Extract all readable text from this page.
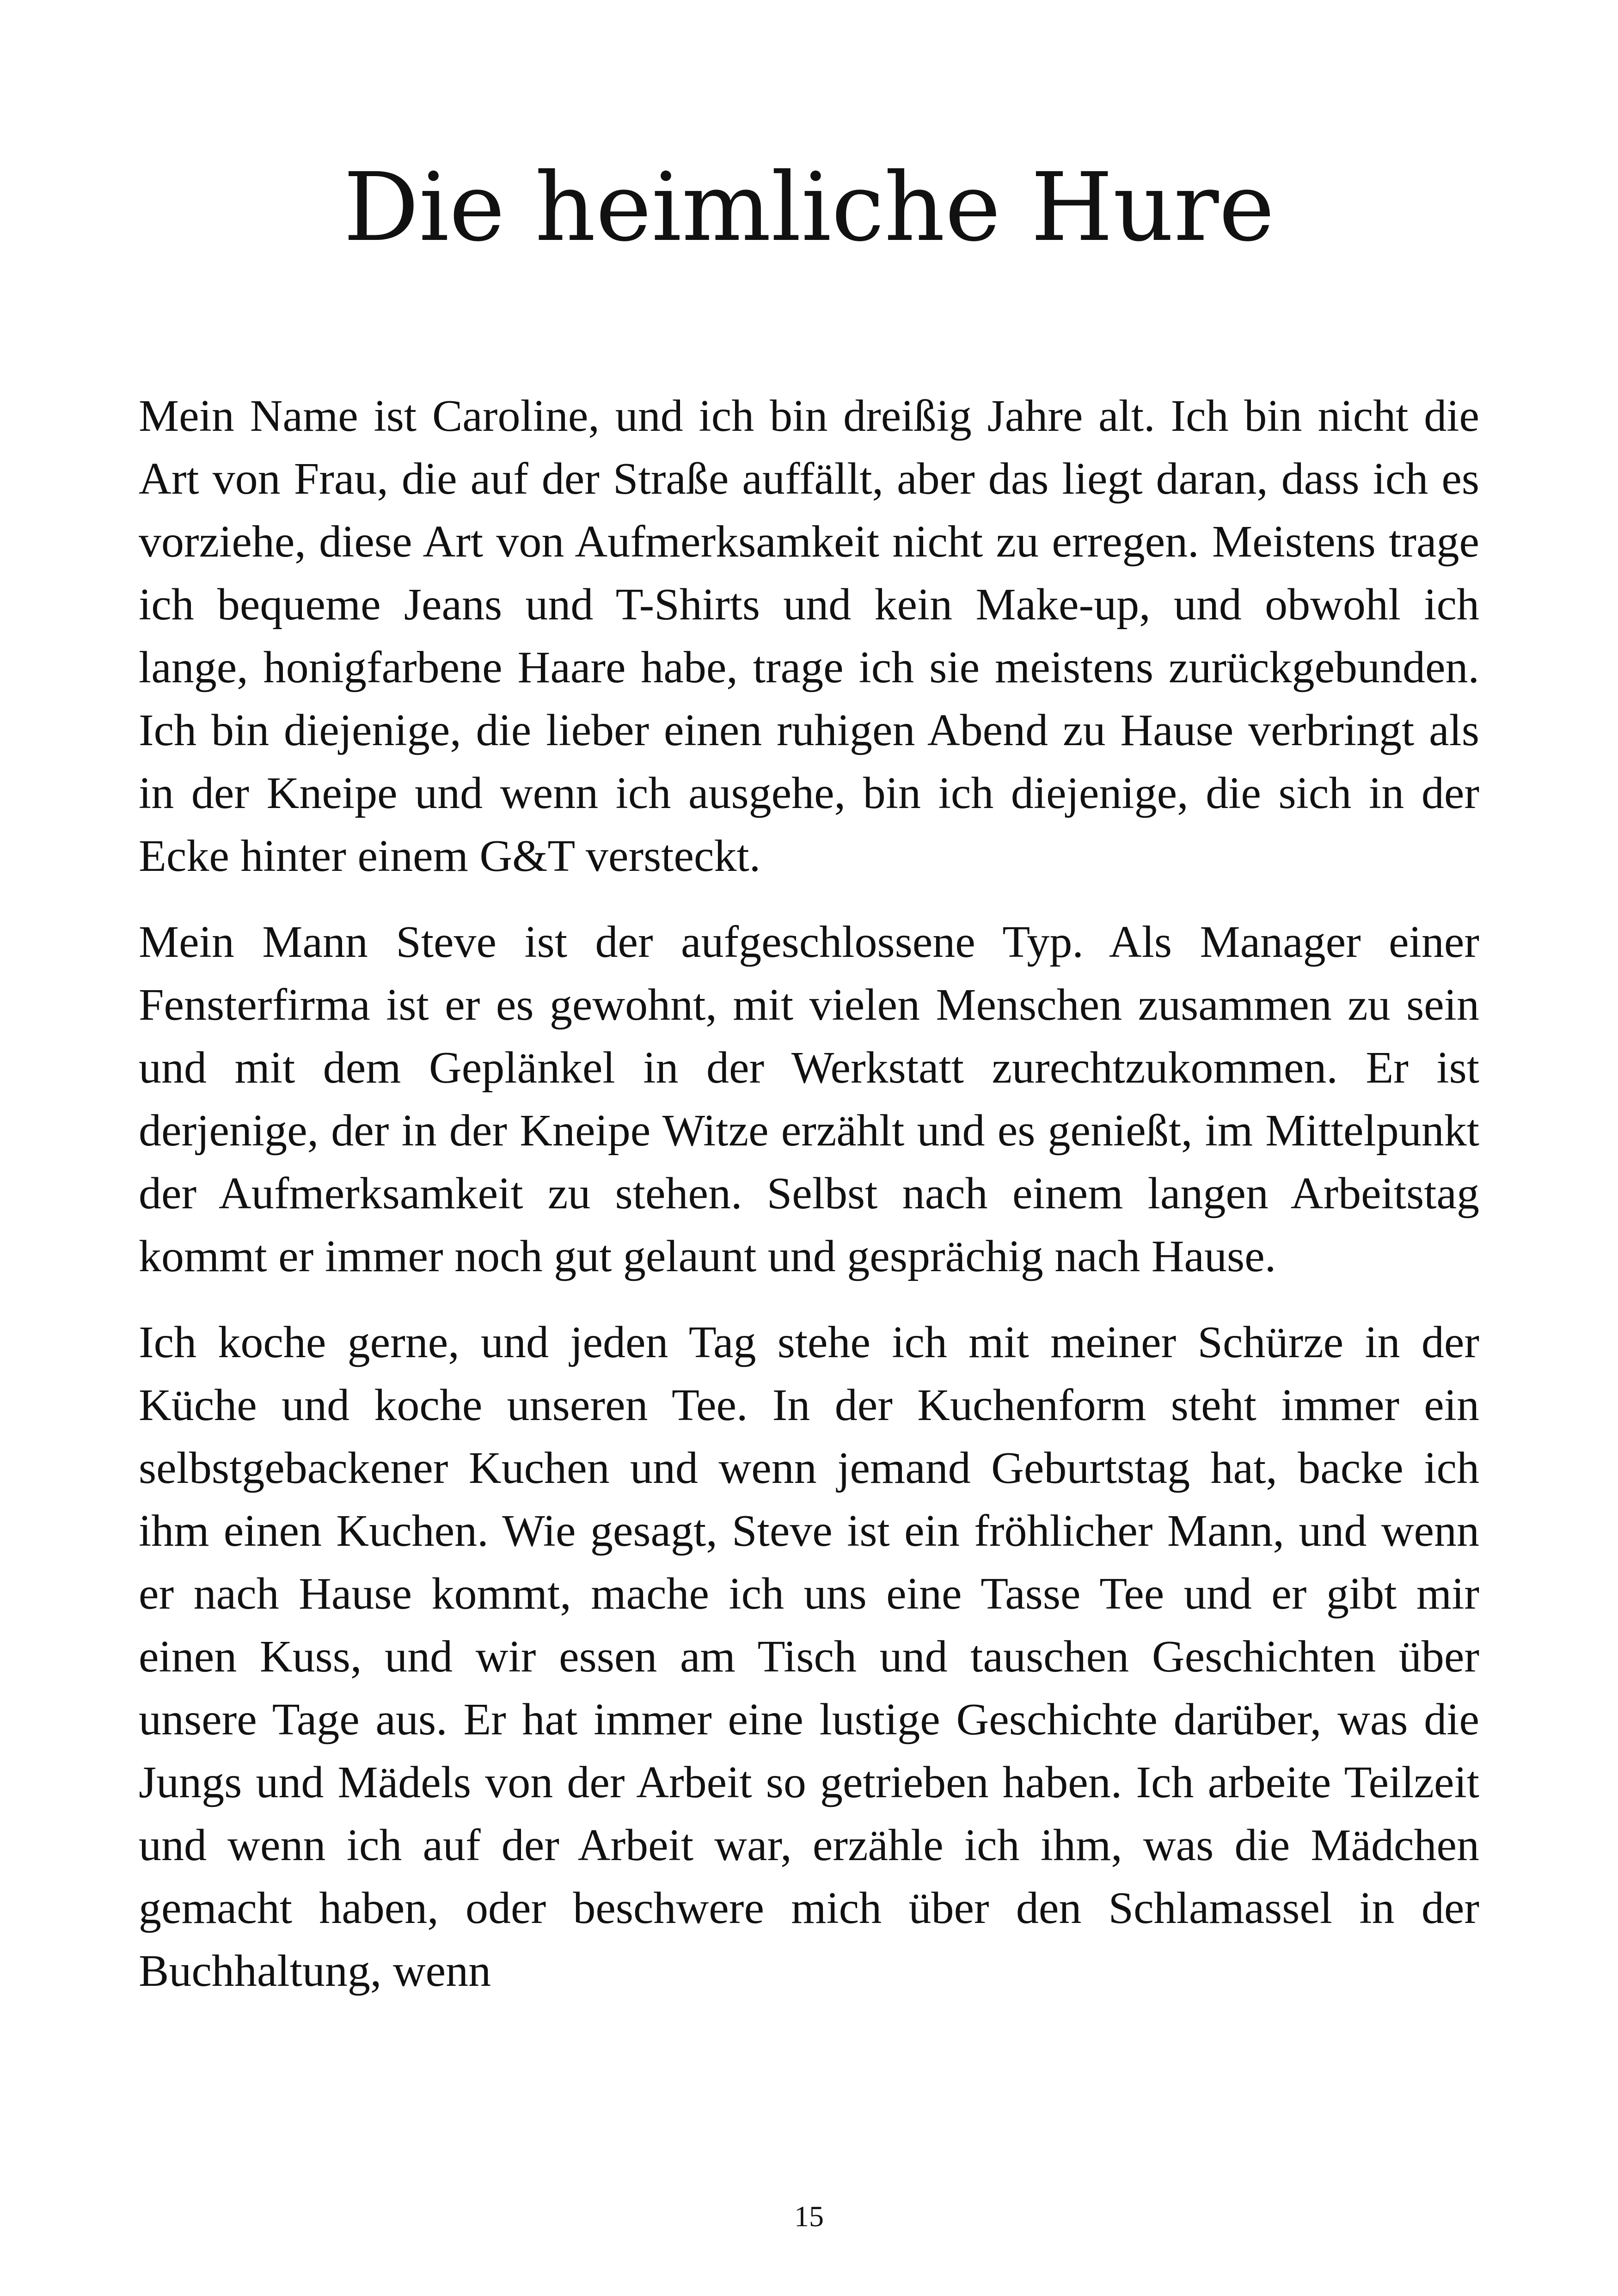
Die heimliche Hure

Mein Name ist Caroline, und ich bin dreißig Jahre alt. Ich bin nicht die Art von Frau, die auf der Straße auffällt, aber das liegt daran, dass ich es vorziehe, diese Art von Aufmerksamkeit nicht zu erregen. Meistens trage ich bequeme Jeans und T-Shirts und kein Make-up, und obwohl ich lange, honigfarbene Haare habe, trage ich sie meistens zurückgebunden. Ich bin diejenige, die lieber einen ruhigen Abend zu Hause verbringt als in der Kneipe und wenn ich ausgehe, bin ich diejenige, die sich in der Ecke hinter einem G&T versteckt.

Mein Mann Steve ist der aufgeschlossene Typ. Als Manager einer Fensterfirma ist er es gewohnt, mit vielen Menschen zusammen zu sein und mit dem Geplänkel in der Werkstatt zurechtzukommen. Er ist derjenige, der in der Kneipe Witze erzählt und es genießt, im Mittelpunkt der Aufmerksamkeit zu stehen. Selbst nach einem langen Arbeitstag kommt er immer noch gut gelaunt und gesprächig nach Hause.

Ich koche gerne, und jeden Tag stehe ich mit meiner Schürze in der Küche und koche unseren Tee. In der Kuchenform steht immer ein selbstgebackener Kuchen und wenn jemand Geburtstag hat, backe ich ihm einen Kuchen. Wie gesagt, Steve ist ein fröhlicher Mann, und wenn er nach Hause kommt, mache ich uns eine Tasse Tee und er gibt mir einen Kuss, und wir essen am Tisch und tauschen Geschichten über unsere Tage aus. Er hat immer eine lustige Geschichte darüber, was die Jungs und Mädels von der Arbeit so getrieben haben. Ich arbeite Teilzeit und wenn ich auf der Arbeit war, erzähle ich ihm, was die Mädchen gemacht haben, oder beschwere mich über den Schlamassel in der Buchhaltung, wenn

15
